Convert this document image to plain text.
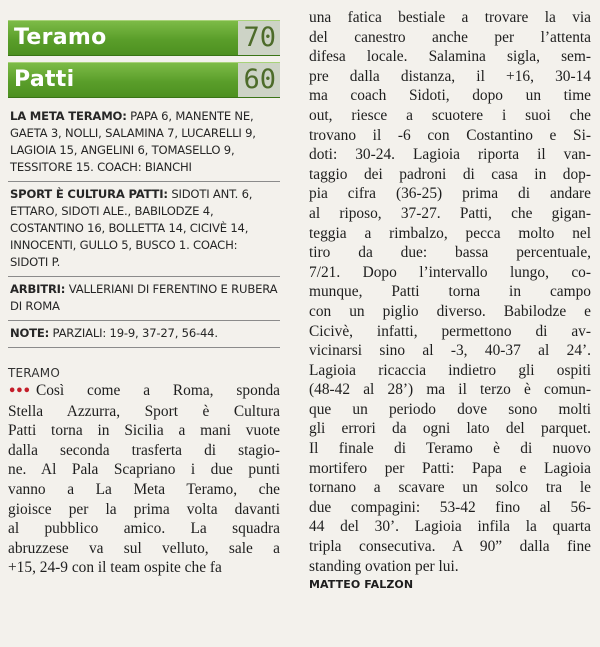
Teramo	70
Patti	60
LA META TERAMO: PAPA 6, MANENTE NE, GAETA 3, NOLLI, SALAMINA 7, LUCARELLI 9, LAGIOIA 15, ANGELINI 6, TOMASELLO 9, TESSITORE 15. COACH: BIANCHI
SPORT È CULTURA PATTI: SIDOTI ANT. 6, ETTARO, SIDOTI ALE., BABILODZE 4, COSTANTINO 16, BOLLETTA 14, CICIVÈ 14, INNOCENTI, GULLO 5, BUSCO 1. COACH: SIDOTI P.
ARBITRI: VALLERIANI DI FERENTINO E RUBERA DI ROMA
NOTE: PARZIALI: 19-9, 37-27, 56-44.
TERAMO
••• Così come a Roma, sponda
Stella Azzurra, Sport è Cultura
Patti torna in Sicilia a mani vuote
dalla seconda trasferta di stagio-
ne. Al Pala Scapriano i due punti
vanno a La Meta Teramo, che
gioisce per la prima volta davanti
al pubblico amico. La squadra
abruzzese va sul velluto, sale a
+15, 24-9 con il team ospite che fa
una fatica bestiale a trovare la via
del canestro anche per l’attenta
difesa locale. Salamina sigla, sem-
pre dalla distanza, il +16, 30-14
ma coach Sidoti, dopo un time
out, riesce a scuotere i suoi che
trovano il -6 con Costantino e Si-
doti: 30-24. Lagioia riporta il van-
taggio dei padroni di casa in dop-
pia cifra (36-25) prima di andare
al riposo, 37-27. Patti, che gigan-
teggia a rimbalzo, pecca molto nel
tiro da due: bassa percentuale,
7/21. Dopo l’intervallo lungo, co-
munque, Patti torna in campo
con un piglio diverso. Babilodze e
Cicivè, infatti, permettono di av-
vicinarsi sino al -3, 40-37 al 24’.
Lagioia ricaccia indietro gli ospiti
(48-42 al 28’) ma il terzo è comun-
que un periodo dove sono molti
gli errori da ogni lato del parquet.
Il finale di Teramo è di nuovo
mortifero per Patti: Papa e Lagioia
tornano a scavare un solco tra le
due compagini: 53-42 fino al 56-
44 del 30’. Lagioia infila la quarta
tripla consecutiva. A 90” dalla fine
standing ovation per lui.
MATTEO FALZON
